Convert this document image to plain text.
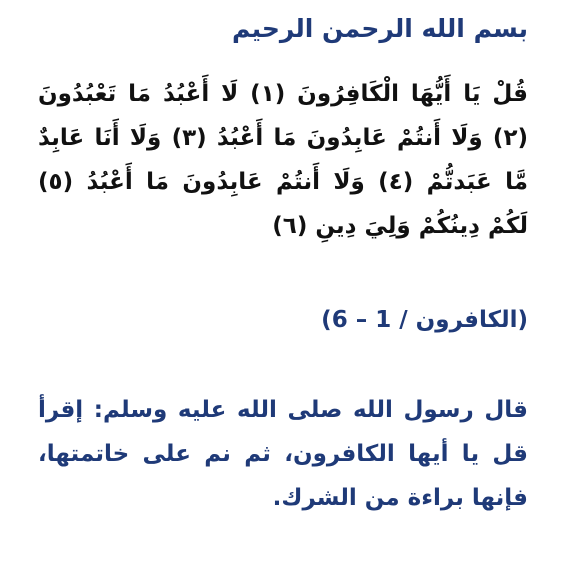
بسم الله الرحمن الرحيم

قُلْ يَا أَيُّهَا الْكَافِرُونَ (١) لَا أَعْبُدُ مَا تَعْبُدُونَ (٢) وَلَا أَنتُمْ عَابِدُونَ مَا أَعْبُدُ (٣) وَلَا أَنَا عَابِدٌ مَّا عَبَدتُّمْ (٤) وَلَا أَنتُمْ عَابِدُونَ مَا أَعْبُدُ (٥) لَكُمْ دِينُكُمْ وَلِيَ دِينِ (٦)

(الكافرون / 1 – 6)

قال رسول الله صلى الله عليه وسلم: إقرأ قل يا أيها الكافرون، ثم نم على خاتمتها، فإنها براءة من الشرك.
